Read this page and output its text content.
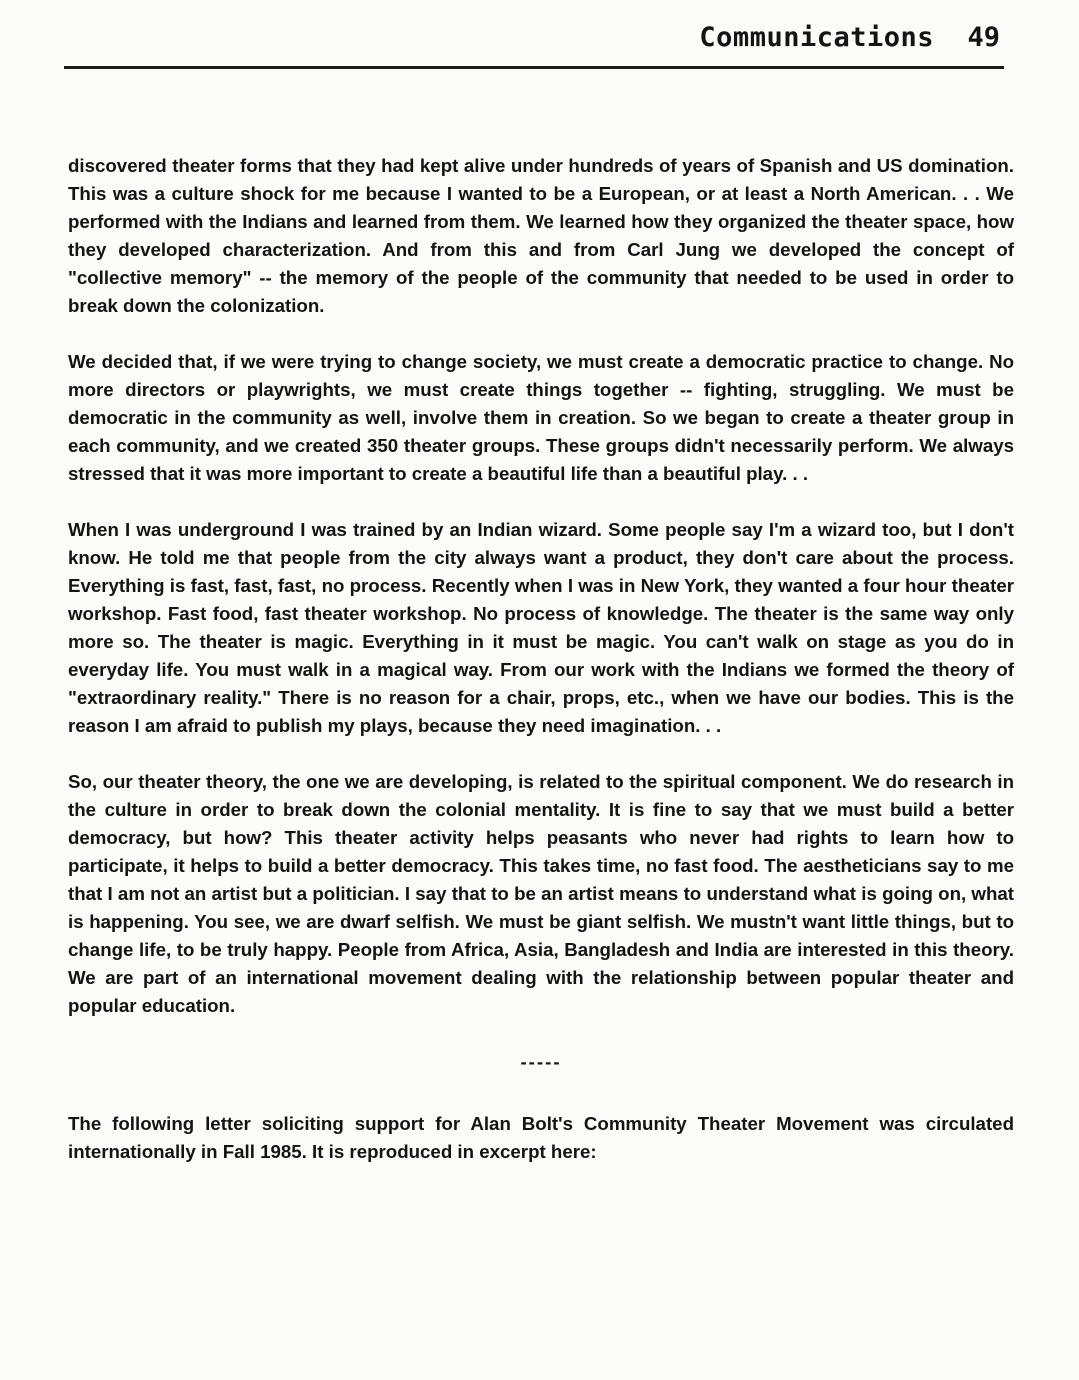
Communications 49

discovered theater forms that they had kept alive under hundreds of years of Spanish and US domination. This was a culture shock for me because I wanted to be a European, or at least a North American. . . We performed with the Indians and learned from them. We learned how they organized the theater space, how they developed characterization. And from this and from Carl Jung we developed the concept of "collective memory" -- the memory of the people of the community that needed to be used in order to break down the colonization.

We decided that, if we were trying to change society, we must create a democratic practice to change. No more directors or playwrights, we must create things together -- fighting, struggling. We must be democratic in the community as well, involve them in creation. So we began to create a theater group in each community, and we created 350 theater groups. These groups didn't necessarily perform. We always stressed that it was more important to create a beautiful life than a beautiful play. . .

When I was underground I was trained by an Indian wizard. Some people say I'm a wizard too, but I don't know. He told me that people from the city always want a product, they don't care about the process. Everything is fast, fast, fast, no process. Recently when I was in New York, they wanted a four hour theater workshop. Fast food, fast theater workshop. No process of knowledge. The theater is the same way only more so. The theater is magic. Everything in it must be magic. You can't walk on stage as you do in everyday life. You must walk in a magical way. From our work with the Indians we formed the theory of "extraordinary reality." There is no reason for a chair, props, etc., when we have our bodies. This is the reason I am afraid to publish my plays, because they need imagination. . .

So, our theater theory, the one we are developing, is related to the spiritual component. We do research in the culture in order to break down the colonial mentality. It is fine to say that we must build a better democracy, but how? This theater activity helps peasants who never had rights to learn how to participate, it helps to build a better democracy. This takes time, no fast food. The aestheticians say to me that I am not an artist but a politician. I say that to be an artist means to understand what is going on, what is happening. You see, we are dwarf selfish. We must be giant selfish. We mustn't want little things, but to change life, to be truly happy. People from Africa, Asia, Bangladesh and India are interested in this theory. We are part of an international movement dealing with the relationship between popular theater and popular education.

-----

The following letter soliciting support for Alan Bolt's Community Theater Movement was circulated internationally in Fall 1985. It is reproduced in excerpt here:
